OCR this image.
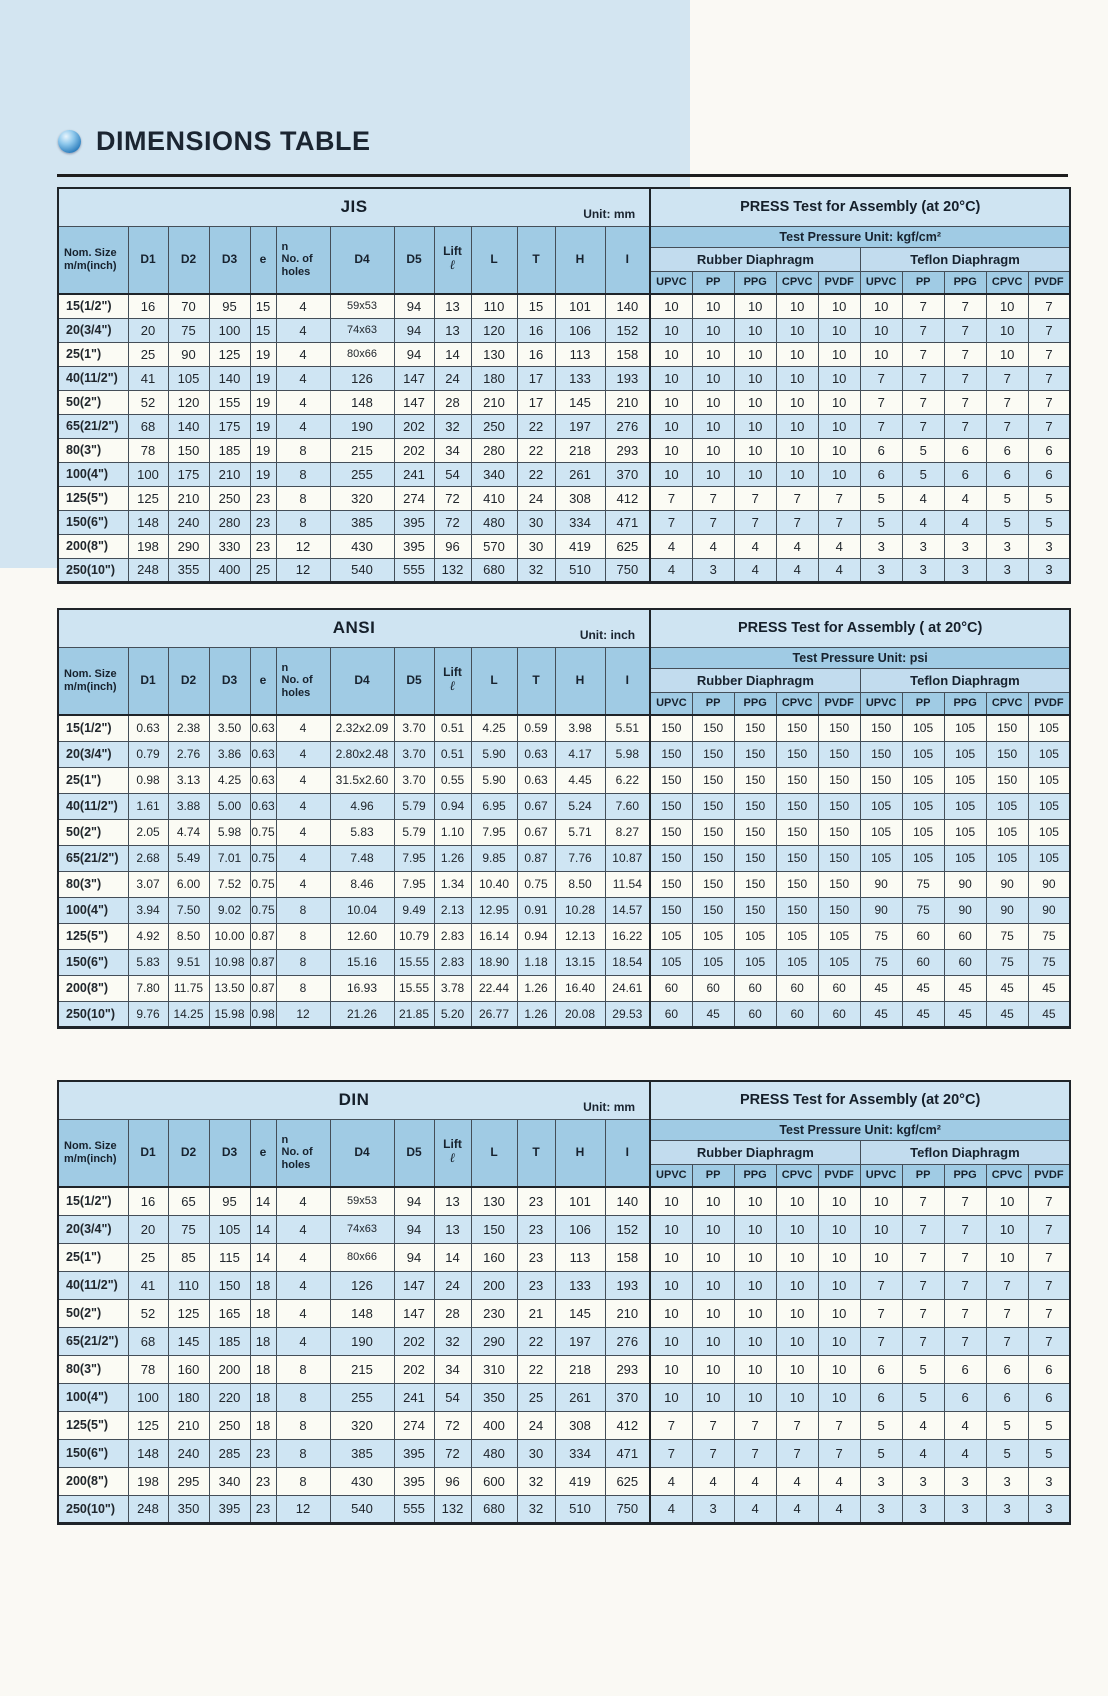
DIMENSIONS TABLE
JIS Unit: mm													PRESS Test for Assembly (at 20°C)									

Nom. Size
m/m(inch)	D1	D2	D3	e	n
No. of
holes	D4	D5	Lift
ℓ	L	T	H	I	Test Pressure Unit: kgf/cm²									
													Rubber Diaphragm					Teflon Diaphragm				
													UPVC	PP	PPG	CPVC	PVDF	UPVC	PP	PPG	CPVC	PVDF
15(1/2")	16	70	95	15	4	59x53	94	13	110	15	101	140	10	10	10	10	10	10	7	7	10	7
20(3/4")	20	75	100	15	4	74x63	94	13	120	16	106	152	10	10	10	10	10	10	7	7	10	7
25(1")	25	90	125	19	4	80x66	94	14	130	16	113	158	10	10	10	10	10	10	7	7	10	7
40(11/2")	41	105	140	19	4	126	147	24	180	17	133	193	10	10	10	10	10	7	7	7	7	7
50(2")	52	120	155	19	4	148	147	28	210	17	145	210	10	10	10	10	10	7	7	7	7	7
65(21/2")	68	140	175	19	4	190	202	32	250	22	197	276	10	10	10	10	10	7	7	7	7	7
80(3")	78	150	185	19	8	215	202	34	280	22	218	293	10	10	10	10	10	6	5	6	6	6
100(4")	100	175	210	19	8	255	241	54	340	22	261	370	10	10	10	10	10	6	5	6	6	6
125(5")	125	210	250	23	8	320	274	72	410	24	308	412	7	7	7	7	7	5	4	4	5	5
150(6")	148	240	280	23	8	385	395	72	480	30	334	471	7	7	7	7	7	5	4	4	5	5
200(8")	198	290	330	23	12	430	395	96	570	30	419	625	4	4	4	4	4	3	3	3	3	3
250(10")	248	355	400	25	12	540	555	132	680	32	510	750	4	3	4	4	4	3	3	3	3	3
ANSI Unit: inch													PRESS Test for Assembly ( at 20°C)									

Nom. Size
m/m(inch)	D1	D2	D3	e	n
No. of
holes	D4	D5	Lift
ℓ	L	T	H	I	Test Pressure Unit: psi									
													Rubber Diaphragm					Teflon Diaphragm				
													UPVC	PP	PPG	CPVC	PVDF	UPVC	PP	PPG	CPVC	PVDF
15(1/2")	0.63	2.38	3.50	0.63	4	2.32x2.09	3.70	0.51	4.25	0.59	3.98	5.51	150	150	150	150	150	150	105	105	150	105
20(3/4")	0.79	2.76	3.86	0.63	4	2.80x2.48	3.70	0.51	5.90	0.63	4.17	5.98	150	150	150	150	150	150	105	105	150	105
25(1")	0.98	3.13	4.25	0.63	4	31.5x2.60	3.70	0.55	5.90	0.63	4.45	6.22	150	150	150	150	150	150	105	105	150	105
40(11/2")	1.61	3.88	5.00	0.63	4	4.96	5.79	0.94	6.95	0.67	5.24	7.60	150	150	150	150	150	105	105	105	105	105
50(2")	2.05	4.74	5.98	0.75	4	5.83	5.79	1.10	7.95	0.67	5.71	8.27	150	150	150	150	150	105	105	105	105	105
65(21/2")	2.68	5.49	7.01	0.75	4	7.48	7.95	1.26	9.85	0.87	7.76	10.87	150	150	150	150	150	105	105	105	105	105
80(3")	3.07	6.00	7.52	0.75	4	8.46	7.95	1.34	10.40	0.75	8.50	11.54	150	150	150	150	150	90	75	90	90	90
100(4")	3.94	7.50	9.02	0.75	8	10.04	9.49	2.13	12.95	0.91	10.28	14.57	150	150	150	150	150	90	75	90	90	90
125(5")	4.92	8.50	10.00	0.87	8	12.60	10.79	2.83	16.14	0.94	12.13	16.22	105	105	105	105	105	75	60	60	75	75
150(6")	5.83	9.51	10.98	0.87	8	15.16	15.55	2.83	18.90	1.18	13.15	18.54	105	105	105	105	105	75	60	60	75	75
200(8")	7.80	11.75	13.50	0.87	8	16.93	15.55	3.78	22.44	1.26	16.40	24.61	60	60	60	60	60	45	45	45	45	45
250(10")	9.76	14.25	15.98	0.98	12	21.26	21.85	5.20	26.77	1.26	20.08	29.53	60	45	60	60	60	45	45	45	45	45
DIN Unit: mm													PRESS Test for Assembly (at 20°C)									

Nom. Size
m/m(inch)	D1	D2	D3	e	n
No. of
holes	D4	D5	Lift
ℓ	L	T	H	I	Test Pressure Unit: kgf/cm²									
													Rubber Diaphragm					Teflon Diaphragm				
													UPVC	PP	PPG	CPVC	PVDF	UPVC	PP	PPG	CPVC	PVDF
15(1/2")	16	65	95	14	4	59x53	94	13	130	23	101	140	10	10	10	10	10	10	7	7	10	7
20(3/4")	20	75	105	14	4	74x63	94	13	150	23	106	152	10	10	10	10	10	10	7	7	10	7
25(1")	25	85	115	14	4	80x66	94	14	160	23	113	158	10	10	10	10	10	10	7	7	10	7
40(11/2")	41	110	150	18	4	126	147	24	200	23	133	193	10	10	10	10	10	7	7	7	7	7
50(2")	52	125	165	18	4	148	147	28	230	21	145	210	10	10	10	10	10	7	7	7	7	7
65(21/2")	68	145	185	18	4	190	202	32	290	22	197	276	10	10	10	10	10	7	7	7	7	7
80(3")	78	160	200	18	8	215	202	34	310	22	218	293	10	10	10	10	10	6	5	6	6	6
100(4")	100	180	220	18	8	255	241	54	350	25	261	370	10	10	10	10	10	6	5	6	6	6
125(5")	125	210	250	18	8	320	274	72	400	24	308	412	7	7	7	7	7	5	4	4	5	5
150(6")	148	240	285	23	8	385	395	72	480	30	334	471	7	7	7	7	7	5	4	4	5	5
200(8")	198	295	340	23	8	430	395	96	600	32	419	625	4	4	4	4	4	3	3	3	3	3
250(10")	248	350	395	23	12	540	555	132	680	32	510	750	4	3	4	4	4	3	3	3	3	3
